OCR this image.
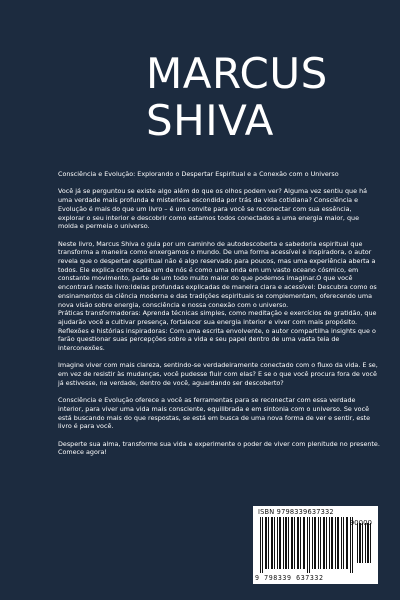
MARCUS
SHIVA

Consciência e Evolução: Explorando o Despertar Espiritual e a Conexão com o Universo

Você já se perguntou se existe algo além do que os olhos podem ver? Alguma vez sentiu que há uma verdade mais profunda e misteriosa escondida por trás da vida cotidiana? Consciência e Evolução é mais do que um livro – é um convite para você se reconectar com sua essência, explorar o seu interior e descobrir como estamos todos conectados a uma energia maior, que molda e permeia o universo.

Neste livro, Marcus Shiva o guia por um caminho de autodescoberta e sabedoria espiritual que transforma a maneira como enxergamos o mundo. De uma forma acessível e inspiradora, o autor revela que o despertar espiritual não é algo reservado para poucos, mas uma experiência aberta a todos. Ele explica como cada um de nós é como uma onda em um vasto oceano cósmico, em constante movimento, parte de um todo muito maior do que podemos imaginar.O que você encontrará neste livro:Ideias profundas explicadas de maneira clara e acessível: Descubra como os ensinamentos da ciência moderna e das tradições espirituais se complementam, oferecendo uma nova visão sobre energia, consciência e nossa conexão com o universo.

Práticas transformadoras: Aprenda técnicas simples, como meditação e exercícios de gratidão, que ajudarão você a cultivar presença, fortalecer sua energia interior e viver com mais propósito.

Reflexões e histórias inspiradoras: Com uma escrita envolvente, o autor compartilha insights que o farão questionar suas percepções sobre a vida e seu papel dentro de uma vasta teia de interconexões.

Imagine viver com mais clareza, sentindo-se verdadeiramente conectado com o fluxo da vida. E se, em vez de resistir às mudanças, você pudesse fluir com elas? E se o que você procura fora de você já estivesse, na verdade, dentro de você, aguardando ser descoberto?

Consciência e Evolução oferece a você as ferramentas para se reconectar com essa verdade interior, para viver uma vida mais consciente, equilibrada e em sintonia com o universo. Se você está buscando mais do que respostas, se está em busca de uma nova forma de ver e sentir, este livro é para você.

Desperte sua alma, transforme sua vida e experimente o poder de viver com plenitude no presente. Comece agora!

ISBN 9798339637332
9 798339 637332
